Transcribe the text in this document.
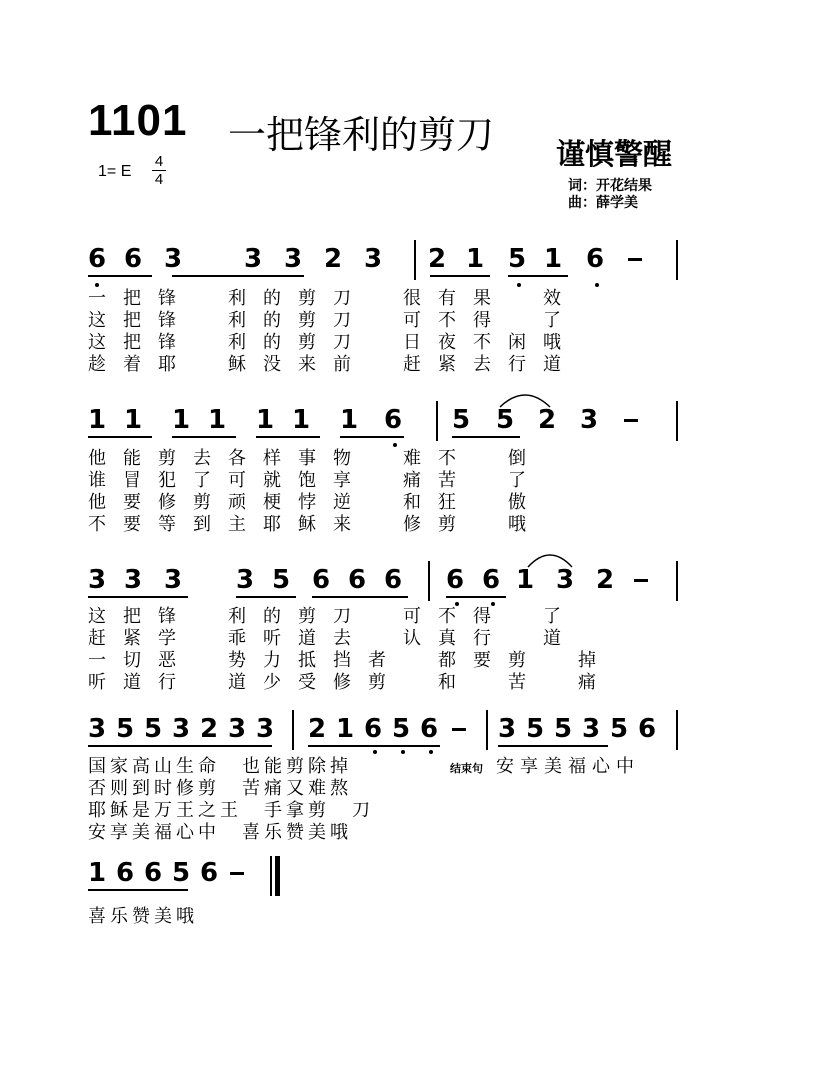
1101 一把锋利的剪刀 谨慎警醒
1= E
4
4	词：开花结果
曲：薛学美
6 6 3 3 3 2 3 2 1 5 1 6
一把锋　利的剪刀　很有果　效
这把锋　利的剪刀　可不得　了
这把锋　利的剪刀　日夜不闲哦
趁着耶　稣没来前　赶紧去行道
1 1 1 1 1 1 1 6 5 5 2 3
他能剪去各样事物　难不　倒
谁冒犯了可就饱享　痛苦　了
他要修剪顽梗悖逆　和狂　傲
不要等到主耶稣来　修剪　哦
3 3 3 3 5 6 6 6 6 6 1 3 2
这把锋　利的剪刀　可不得　了
赶紧学　乖听道去　认真行　道
一切恶　势力抵挡者　都要剪　掉
听道行　道少受修剪　和　苦　痛
3 5 5 3 2 3 3 2 1 6 5 6 3 5 5 3 5 6
国家高山生命　也能剪除掉
否则到时修剪　苦痛又难熬
耶稣是万王之王　手拿剪　刀
安享美福心中　喜乐赞美哦
结束句 安享美福心中
1 6 6 5 6
喜乐赞美哦
